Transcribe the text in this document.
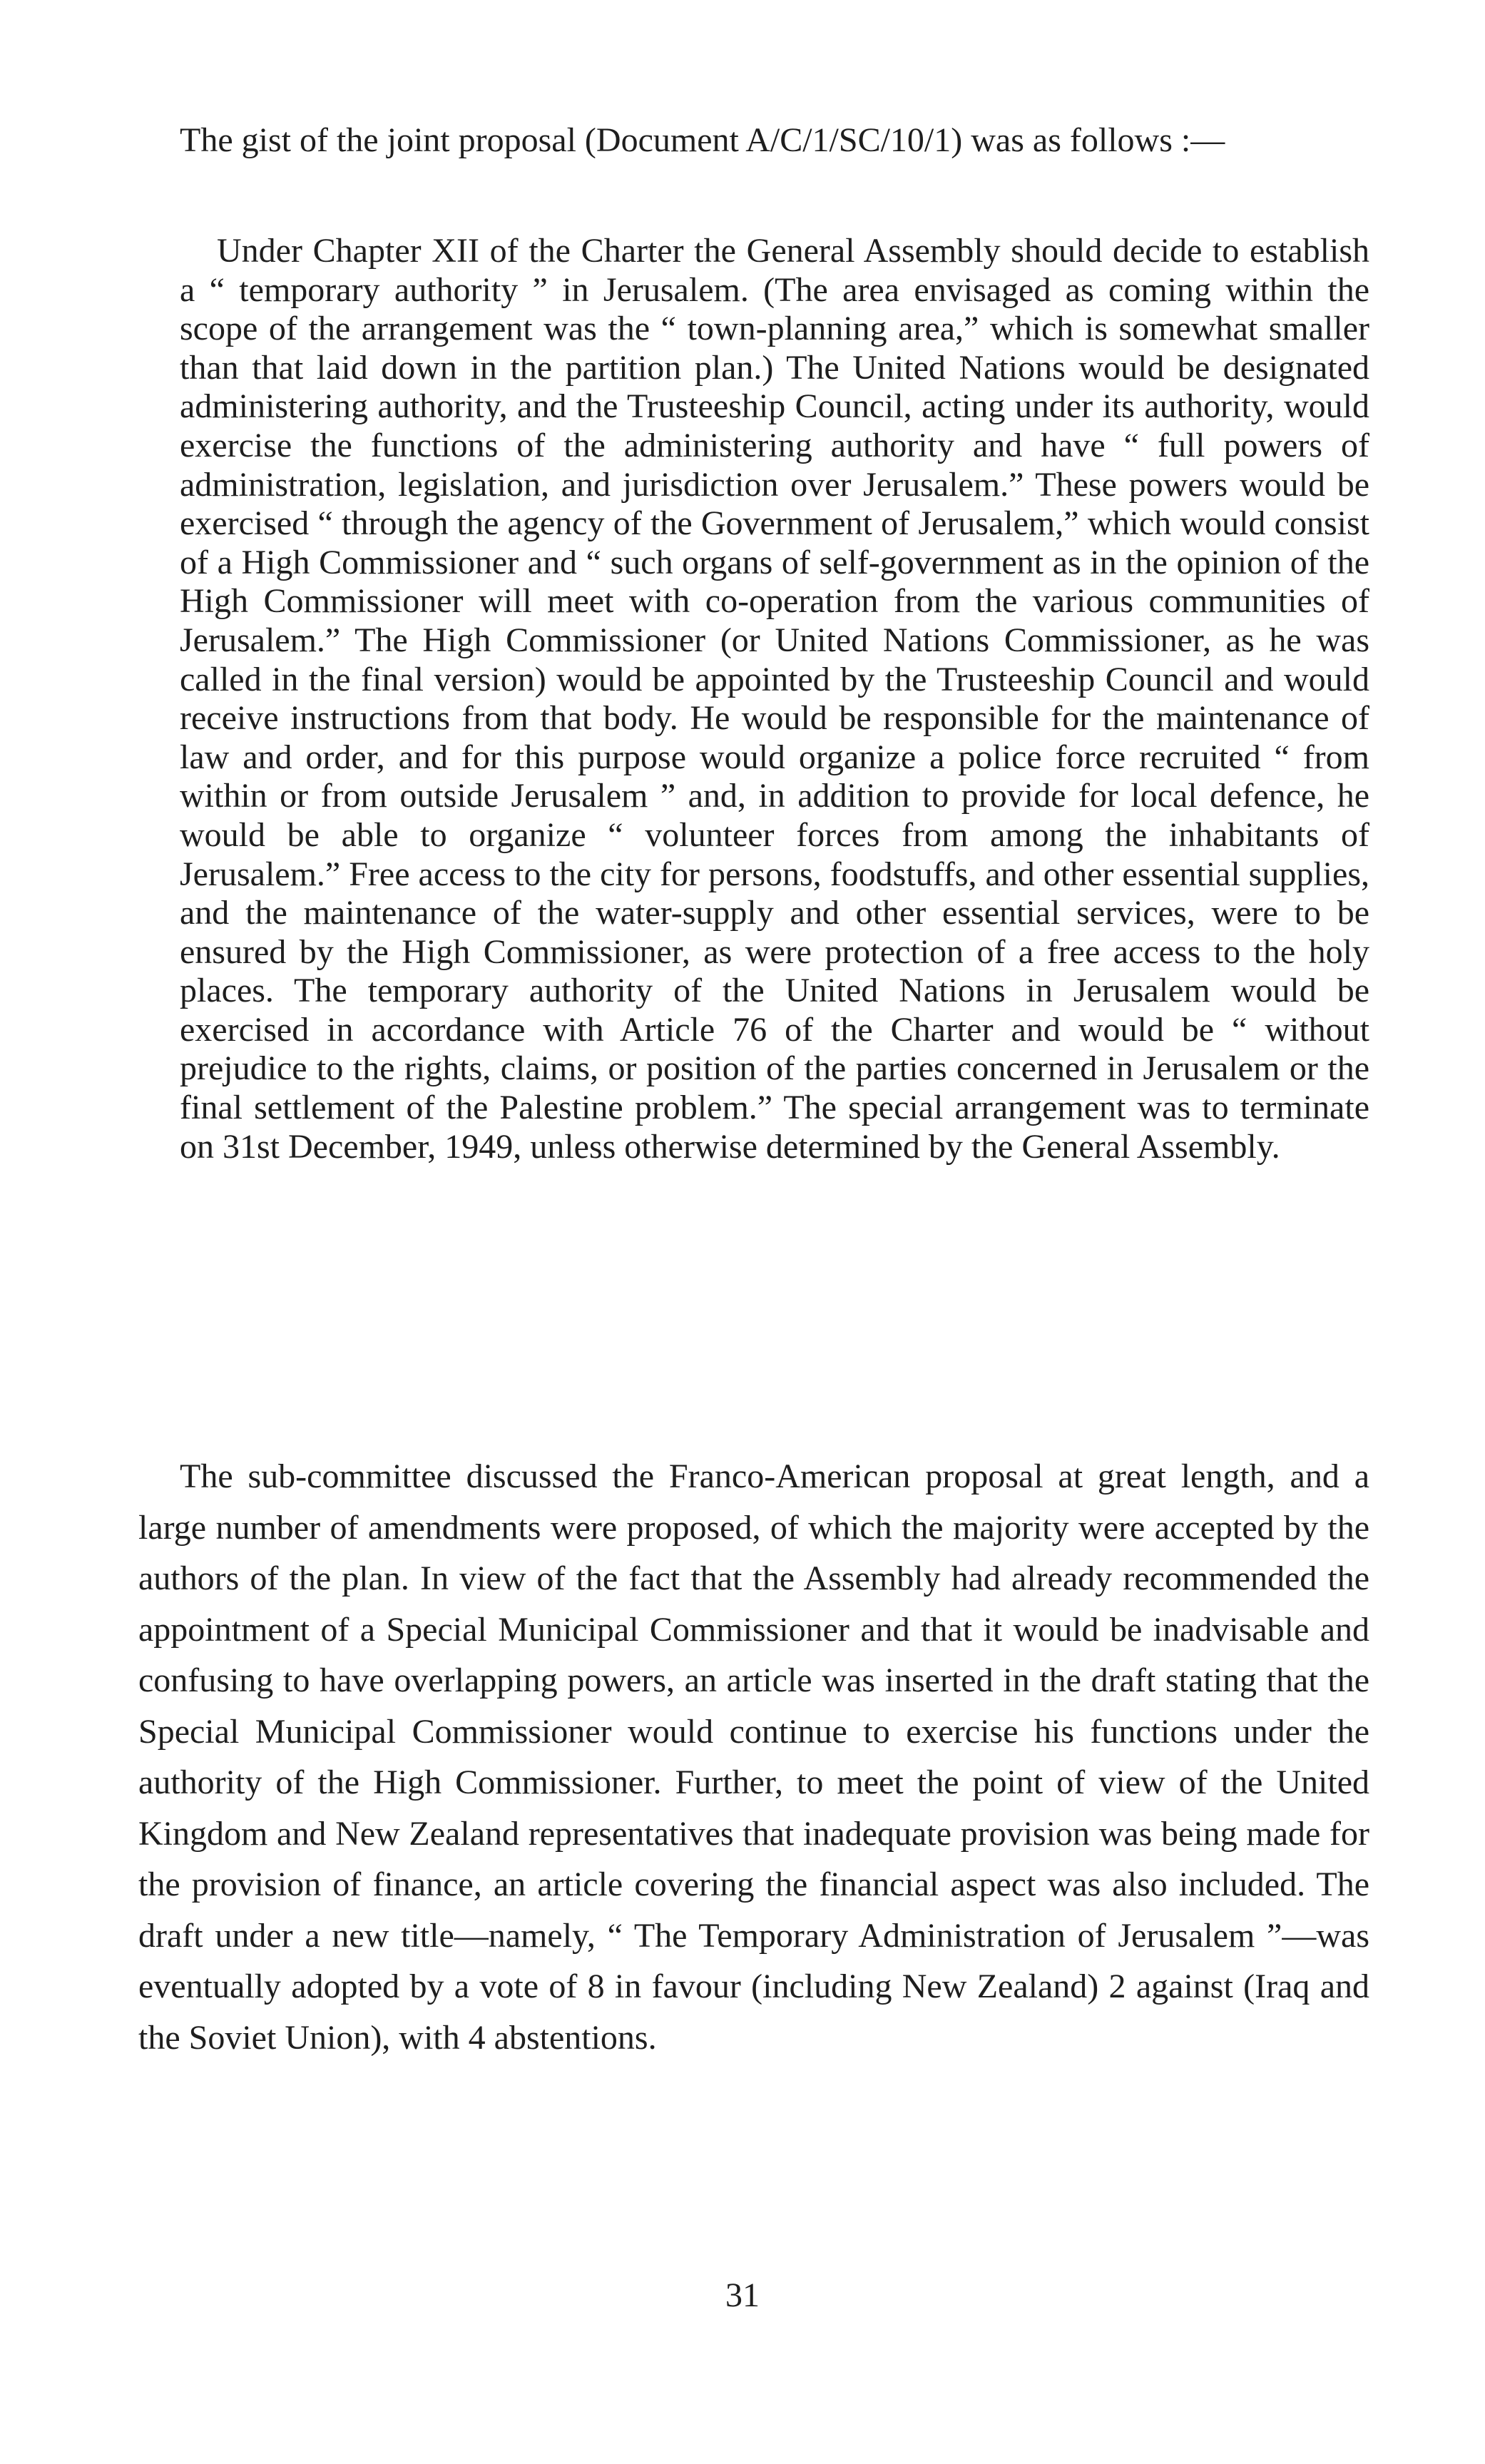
The gist of the joint proposal (Document A/C/1/SC/10/1) was as follows :—

Under Chapter XII of the Charter the General Assembly should decide to establish a “ temporary authority ” in Jerusalem. (The area envisaged as coming within the scope of the arrangement was the “ town-planning area,” which is somewhat smaller than that laid down in the partition plan.) The United Nations would be designated administering authority, and the Trusteeship Council, acting under its authority, would exercise the functions of the administering authority and have “ full powers of administration, legislation, and jurisdiction over Jerusalem.” These powers would be exercised “ through the agency of the Government of Jerusalem,” which would consist of a High Commissioner and “ such organs of self-government as in the opinion of the High Commissioner will meet with co-operation from the various communities of Jerusalem.” The High Commissioner (or United Nations Commissioner, as he was called in the final version) would be appointed by the Trusteeship Council and would receive instructions from that body. He would be responsible for the maintenance of law and order, and for this purpose would organize a police force recruited “ from within or from outside Jerusalem ” and, in addition to provide for local defence, he would be able to organize “ volunteer forces from among the inhabitants of Jerusalem.” Free access to the city for persons, foodstuffs, and other essential supplies, and the maintenance of the water-supply and other essential services, were to be ensured by the High Commissioner, as were protection of a free access to the holy places. The temporary authority of the United Nations in Jerusalem would be exercised in accordance with Article 76 of the Charter and would be “ without prejudice to the rights, claims, or position of the parties concerned in Jerusalem or the final settlement of the Palestine problem.” The special arrangement was to terminate on 31st December, 1949, unless otherwise determined by the General Assembly.

The sub-committee discussed the Franco-American proposal at great length, and a large number of amendments were proposed, of which the majority were accepted by the authors of the plan. In view of the fact that the Assembly had already recommended the appointment of a Special Municipal Commissioner and that it would be inadvisable and confusing to have overlapping powers, an article was inserted in the draft stating that the Special Municipal Commissioner would continue to exercise his functions under the authority of the High Commissioner. Further, to meet the point of view of the United Kingdom and New Zealand representatives that inadequate provision was being made for the provision of finance, an article covering the financial aspect was also included. The draft under a new title—namely, “ The Temporary Administration of Jerusalem ”—was eventually adopted by a vote of 8 in favour (including New Zealand) 2 against (Iraq and the Soviet Union), with 4 abstentions.

31
